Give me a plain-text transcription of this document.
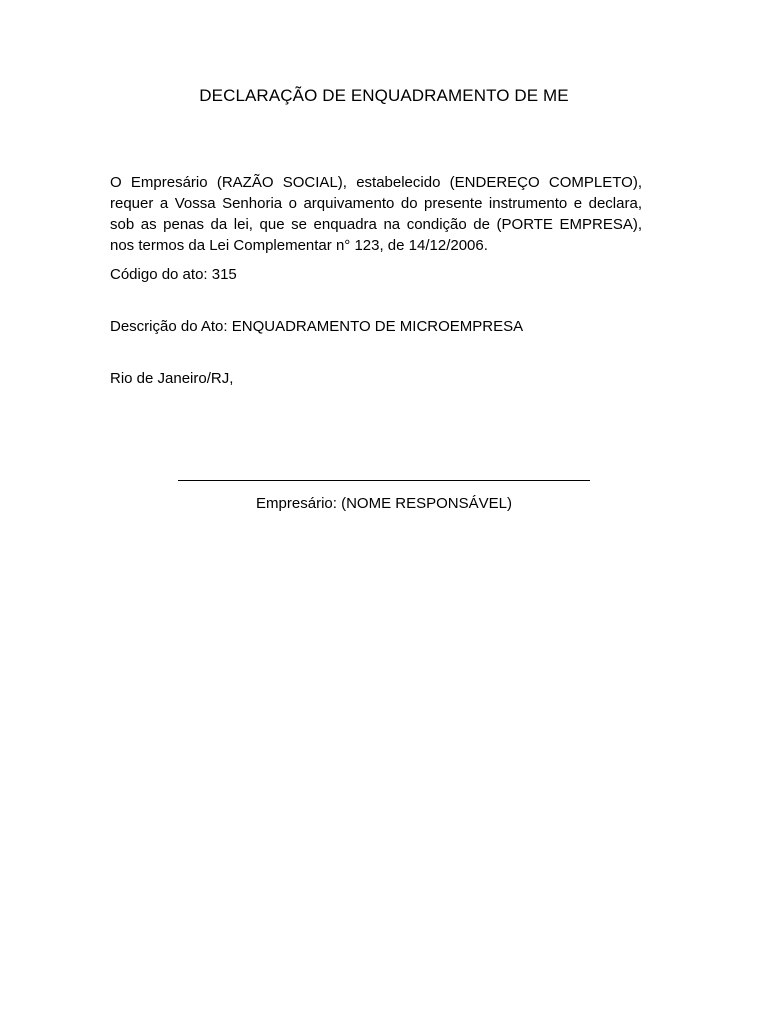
DECLARAÇÃO DE ENQUADRAMENTO DE ME
O Empresário (RAZÃO SOCIAL), estabelecido (ENDEREÇO COMPLETO),
requer a Vossa Senhoria o arquivamento do presente instrumento e declara,
sob as penas da lei, que se enquadra na condição de (PORTE EMPRESA),
nos termos da Lei Complementar n° 123, de 14/12/2006.
Código do ato: 315
Descrição do Ato: ENQUADRAMENTO DE MICROEMPRESA
Rio de Janeiro/RJ,
Empresário: (NOME RESPONSÁVEL)
